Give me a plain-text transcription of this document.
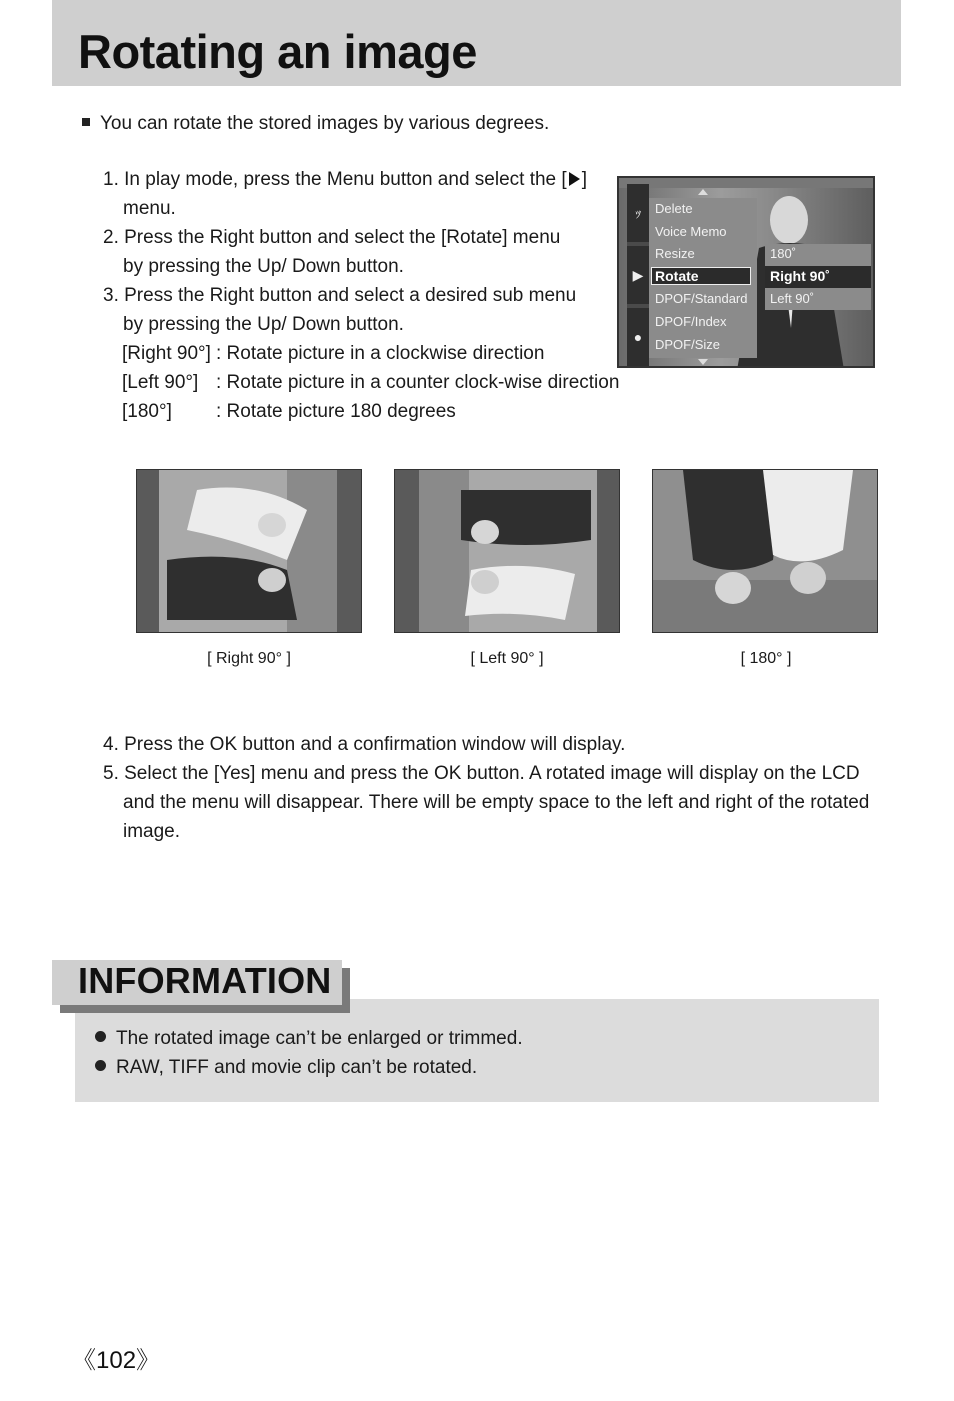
Rotating an image
You can rotate the stored images by various degrees.
1. In play mode, press the Menu button and select the [ ]
menu.
2. Press the Right button and select the [Rotate] menu
by pressing the Up/ Down button.
3. Press the Right button and select a desired sub menu
by pressing the Up/ Down button.
[Right 90°] : Rotate picture in a clockwise direction
[Left 90°] : Rotate picture in a counter clock-wise direction
[180°] : Rotate picture 180 degrees
ｯ
▶
●
Delete
Voice Memo
Resize
Rotate
DPOF/Standard
DPOF/Index
DPOF/Size
180˚
Right 90˚
Left 90˚
[ Right 90° ]	[ Left 90° ]	[ 180° ]
4. Press the OK button and a confirmation window will display.
5. Select the [Yes] menu and press the OK button. A rotated image will display on the LCD
and the menu will disappear. There will be empty space to the left and right of the rotated
image.
INFORMATION
The rotated image can’t be enlarged or trimmed.
RAW, TIFF and movie clip can’t be rotated.
《102》
